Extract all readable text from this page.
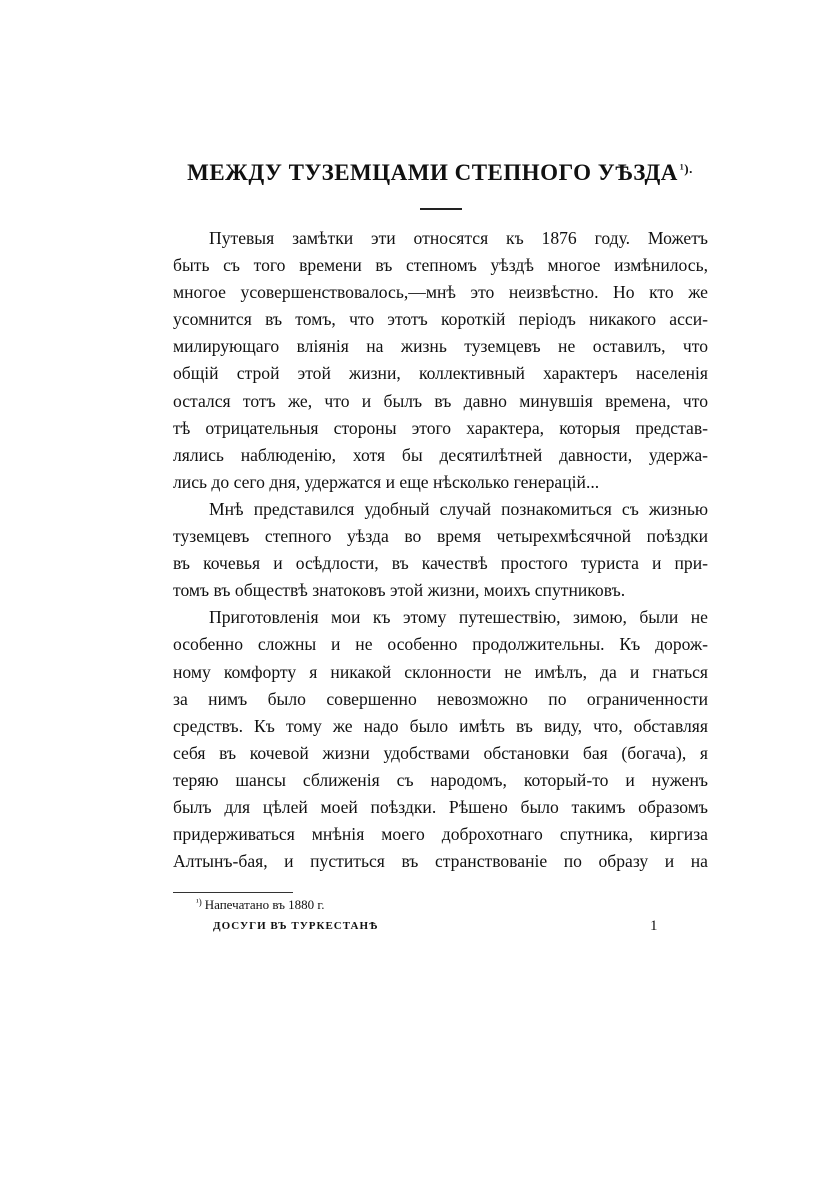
МЕЖДУ ТУЗЕМЦАМИ СТЕПНОГО УѢЗДА $^{^1).}$
Путевыя замѣтки эти относятся къ 1876 году. Можетъ
быть съ того времени въ степномъ уѣздѣ многое измѣнилось,
многое усовершенствовалось,—мнѣ это неизвѣстно. Но кто же
усомнится въ томъ, что этотъ короткій періодъ никакого асси-
милирующаго вліянія на жизнь туземцевъ не оставилъ, что
общій строй этой жизни, коллективный характеръ населенія
остался тотъ же, что и былъ въ давно минувшія времена, что
тѣ отрицательныя стороны этого характера, которыя представ-
лялись наблюденію, хотя бы десятилѣтней давности, удержа-
лись до сего дня, удержатся и еще нѣсколько генерацій...
Мнѣ представился удобный случай познакомиться съ жизнью
туземцевъ степного уѣзда во время четырехмѣсячной поѣздки
въ кочевья и осѣдлости, въ качествѣ простого туриста и при-
томъ въ обществѣ знатоковъ этой жизни, моихъ спутниковъ.
Приготовленія мои къ этому путешествію, зимою, были не
особенно сложны и не особенно продолжительны. Къ дорож-
ному комфорту я никакой склонности не имѣлъ, да и гнаться
за нимъ было совершенно невозможно по ограниченности
средствъ. Къ тому же надо было имѣть въ виду, что, обставляя
себя въ кочевой жизни удобствами обстановки бая (богача), я
теряю шансы сближенія съ народомъ, который-то и нуженъ
былъ для цѣлей моей поѣздки. Рѣшено было такимъ образомъ
придерживаться мнѣнія моего доброхотнаго спутника, киргиза
Алтынъ-бая, и пуститься въ странствованіе по образу и на
$^{^1)}$ Напечатано въ 1880 г.
ДОСУГИ ВЪ ТУРКЕСТАНѢ	1
